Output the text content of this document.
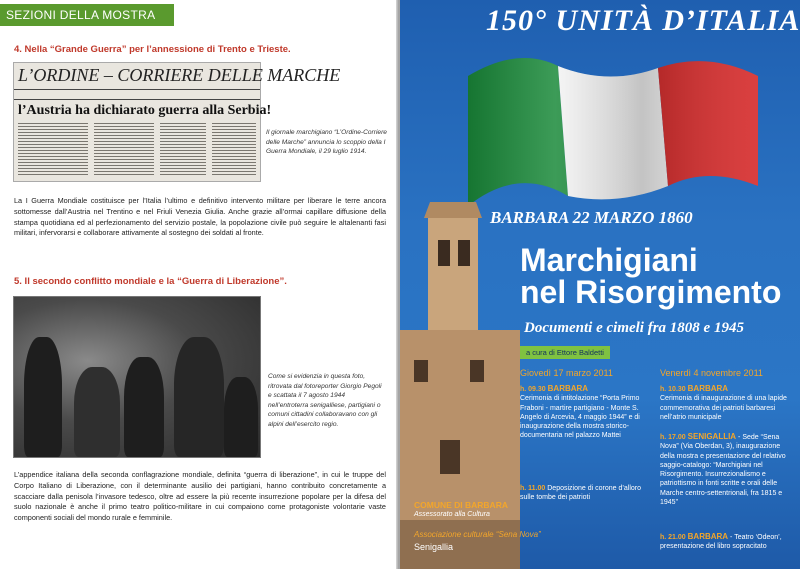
SEZIONI DELLA MOSTRA
4. Nella “Grande Guerra” per l’annessione di Trento e Trieste.
L’ORDINE – CORRIERE DELLE MARCHE
l’Austria ha dichiarato guerra alla Serbia!
Il giornale marchigiano “L’Ordine-Corriere delle Marche” annuncia lo scoppio della I Guerra Mondiale, il 29 luglio 1914.
La I Guerra Mondiale costituisce per l’Italia l’ultimo e definitivo intervento militare per liberare le terre ancora sottomesse dall’Austria nel Trentino e nel Friuli Venezia Giulia. Anche grazie all’ormai capillare diffusione della stampa quotidiana ed al perfezionamento del servizio postale, la popolazione civile può seguire le altalenanti fasi militari, infervorarsi e collaborare attivamente al sostegno dei soldati al fronte.
5. Il secondo conflitto mondiale e la “Guerra di Liberazione”.
Come si evidenzia in questa foto, ritrovata dal fotoreporter Giorgio Pegoli e scattata il 7 agosto 1944 nell’entroterra senigalliese, partigiani o comuni cittadini collaboravano con gli alpini dell’esercito regio.
L’appendice italiana della seconda conflagrazione mondiale, definita “guerra di liberazione”, in cui le truppe del Corpo Italiano di Liberazione, con il determinante ausilio dei partigiani, hanno contribuito concretamente a scacciare dalla penisola l’invasore tedesco, oltre ad essere la più recente insurrezione popolare per la difesa del suolo nazionale è anche il primo teatro politico-militare in cui compaiono come protagoniste volontarie vaste componenti sociali del mondo rurale e femminile.
150° UNITÀ D’ITALIA
BARBARA 22 MARZO 1860
Marchigiani
nel Risorgimento
Documenti e cimeli fra 1808 e 1945
a cura di Ettore Baldetti
Giovedì 17 marzo 2011
h. 09.30 BARBARA
Cerimonia di intitolazione “Porta Primo Fraboni - martire partigiano - Monte S. Angelo di Arcevia, 4 maggio 1944” e di inaugurazione della mostra storico-documentaria nel palazzo Mattei
h. 11.00 Deposizione di corone d’alloro sulle tombe dei patrioti
Venerdì 4 novembre 2011
h. 10.30 BARBARA
Cerimonia di inaugurazione di una lapide commemorativa dei patrioti barbaresi nell’atrio municipale
h. 17.00 SENIGALLIA - Sede “Sena Nova” (Via Oberdan, 3), inaugurazione della mostra e presentazione del relativo saggio-catalogo: “Marchigiani nel Risorgimento. Insurrezionalismo e patriottismo in fonti scritte e orali delle Marche centro-settentrionali, fra 1815 e 1945”
h. 21.00 BARBARA - Teatro ‘Odeon’, presentazione del libro sopracitato
COMUNE DI BARBARA
Assessorato alla Cultura
Associazione culturale “Sena Nova”
Senigallia
